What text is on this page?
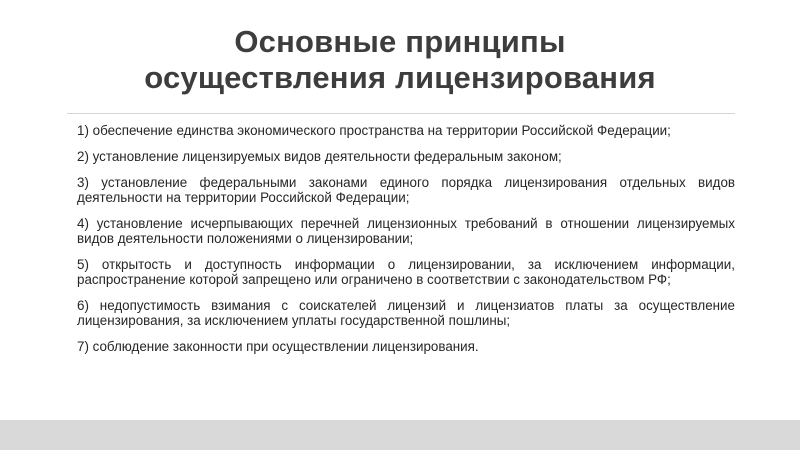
Основные принципы
осуществления лицензирования

1) обеспечение единства экономического пространства на территории Российской Федерации;

2) установление лицензируемых видов деятельности федеральным законом;

3) установление федеральными законами единого порядка лицензирования отдельных видов деятельности на территории Российской Федерации;

4) установление исчерпывающих перечней лицензионных требований в отношении лицензируемых видов деятельности положениями о лицензировании;

5) открытость и доступность информации о лицензировании, за исключением информации, распространение которой запрещено или ограничено в соответствии с законодательством РФ;

6) недопустимость взимания с соискателей лицензий и лицензиатов платы за осуществление лицензирования, за исключением уплаты государственной пошлины;

7) соблюдение законности при осуществлении лицензирования.
